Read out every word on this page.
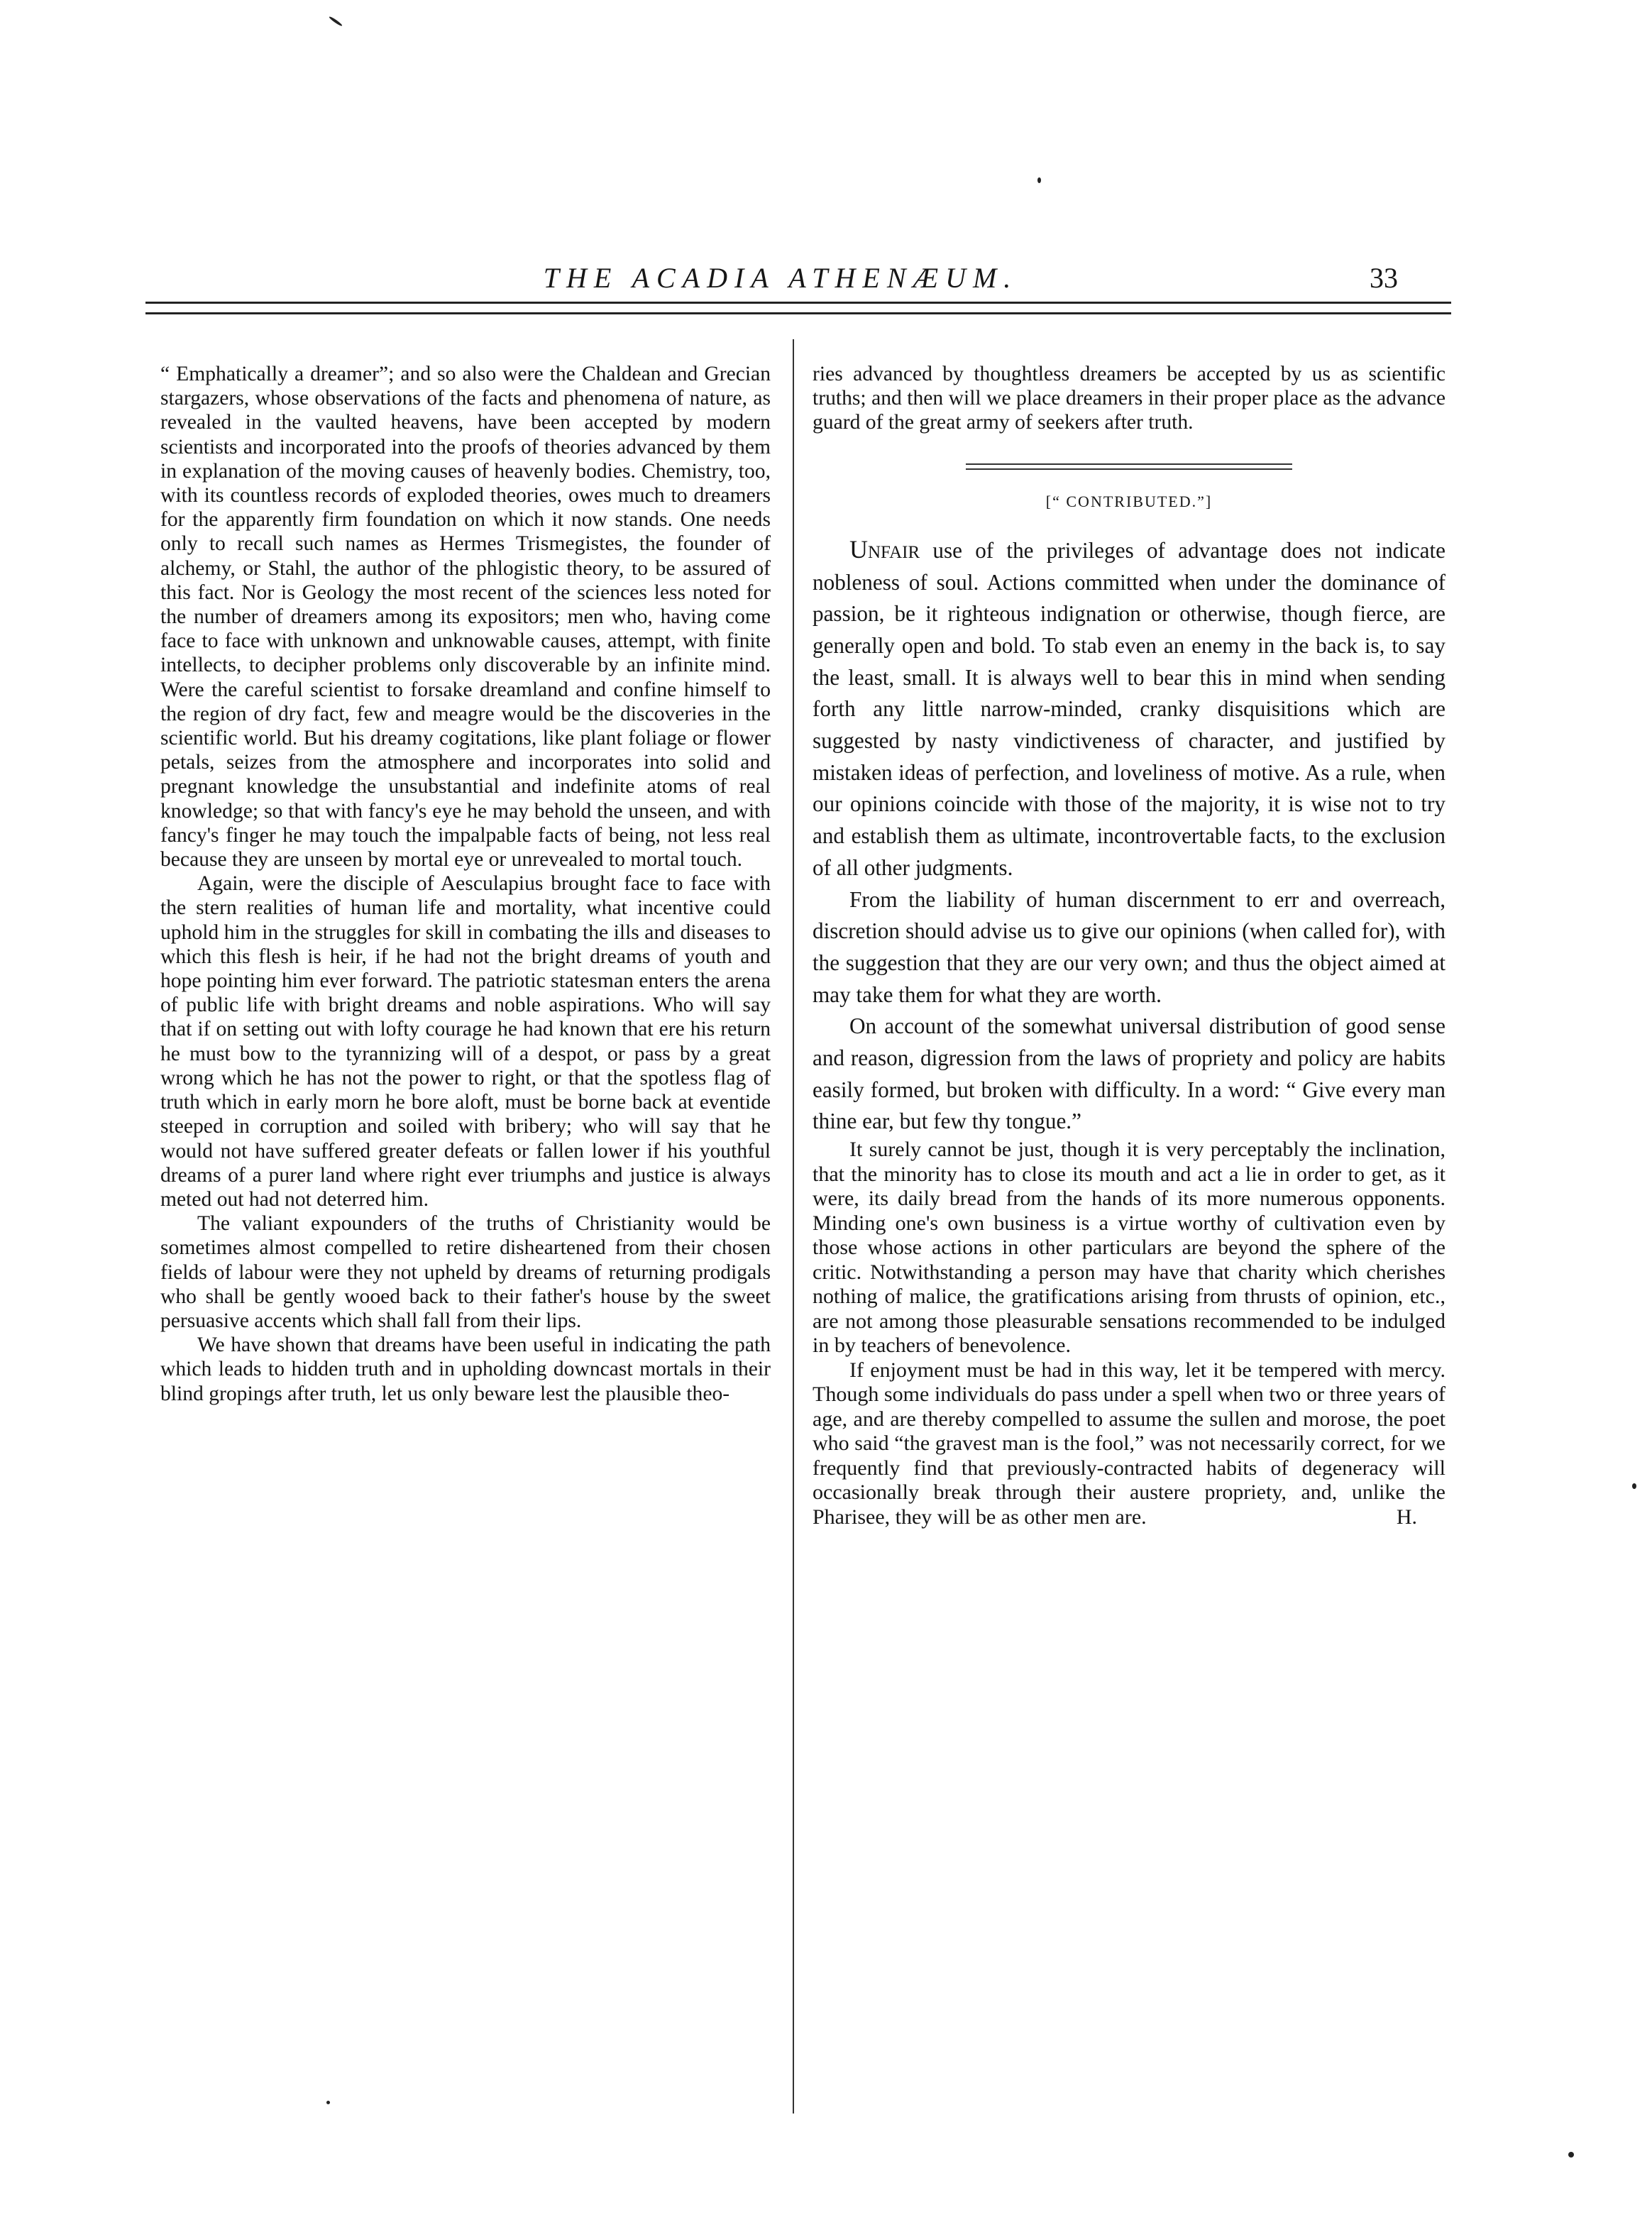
THE ACADIA ATHENÆUM.	33

“ Emphatically a dreamer”; and so also were the Chaldean and Grecian stargazers, whose observations of the facts and phenomena of nature, as revealed in the vaulted heavens, have been accepted by modern scientists and incorporated into the proofs of theories advanced by them in explanation of the moving causes of heavenly bodies. Chemistry, too, with its countless records of exploded theories, owes much to dreamers for the apparently firm foundation on which it now stands. One needs only to recall such names as Hermes Trismegistes, the founder of alchemy, or Stahl, the author of the phlogistic theory, to be assured of this fact. Nor is Geology the most recent of the sciences less noted for the number of dreamers among its expositors; men who, having come face to face with unknown and unknowable causes, attempt, with finite intellects, to decipher problems only discoverable by an infinite mind. Were the careful scientist to forsake dreamland and confine himself to the region of dry fact, few and meagre would be the discoveries in the scientific world. But his dreamy cogitations, like plant foliage or flower petals, seizes from the atmosphere and incorporates into solid and pregnant knowledge the unsubstantial and indefinite atoms of real knowledge; so that with fancy's eye he may behold the unseen, and with fancy's finger he may touch the impalpable facts of being, not less real because they are unseen by mortal eye or unrevealed to mortal touch.

Again, were the disciple of Aesculapius brought face to face with the stern realities of human life and mortality, what incentive could uphold him in the struggles for skill in combating the ills and diseases to which this flesh is heir, if he had not the bright dreams of youth and hope pointing him ever forward. The patriotic statesman enters the arena of public life with bright dreams and noble aspirations. Who will say that if on setting out with lofty courage he had known that ere his return he must bow to the tyrannizing will of a despot, or pass by a great wrong which he has not the power to right, or that the spotless flag of truth which in early morn he bore aloft, must be borne back at eventide steeped in corruption and soiled with bribery; who will say that he would not have suffered greater defeats or fallen lower if his youthful dreams of a purer land where right ever triumphs and justice is always meted out had not deterred him.

The valiant expounders of the truths of Christianity would be sometimes almost compelled to retire disheartened from their chosen fields of labour were they not upheld by dreams of returning prodigals who shall be gently wooed back to their father's house by the sweet persuasive accents which shall fall from their lips.

We have shown that dreams have been useful in indicating the path which leads to hidden truth and in upholding downcast mortals in their blind gropings after truth, let us only beware lest the plausible theo-

ries advanced by thoughtless dreamers be accepted by us as scientific truths; and then will we place dreamers in their proper place as the advance guard of the great army of seekers after truth.

[“ CONTRIBUTED.”]

Unfair use of the privileges of advantage does not indicate nobleness of soul. Actions committed when under the dominance of passion, be it righteous indignation or otherwise, though fierce, are generally open and bold. To stab even an enemy in the back is, to say the least, small. It is always well to bear this in mind when sending forth any little narrow-minded, cranky disquisitions which are suggested by nasty vindictiveness of character, and justified by mistaken ideas of perfection, and loveliness of motive. As a rule, when our opinions coincide with those of the majority, it is wise not to try and establish them as ultimate, incontrovertable facts, to the exclusion of all other judgments.

From the liability of human discernment to err and overreach, discretion should advise us to give our opinions (when called for), with the suggestion that they are our very own; and thus the object aimed at may take them for what they are worth.

On account of the somewhat universal distribution of good sense and reason, digression from the laws of propriety and policy are habits easily formed, but broken with difficulty. In a word: “ Give every man thine ear, but few thy tongue.”

It surely cannot be just, though it is very perceptably the inclination, that the minority has to close its mouth and act a lie in order to get, as it were, its daily bread from the hands of its more numerous opponents. Minding one's own business is a virtue worthy of cultivation even by those whose actions in other particulars are beyond the sphere of the critic. Notwithstanding a person may have that charity which cherishes nothing of malice, the gratifications arising from thrusts of opinion, etc., are not among those pleasurable sensations recommended to be indulged in by teachers of benevolence.

If enjoyment must be had in this way, let it be tempered with mercy. Though some individuals do pass under a spell when two or three years of age, and are thereby compelled to assume the sullen and morose, the poet who said “the gravest man is the fool,” was not necessarily correct, for we frequently find that previously-contracted habits of degeneracy will occasionally break through their austere propriety, and, unlike the Pharisee, they will be as other men are.	H.
